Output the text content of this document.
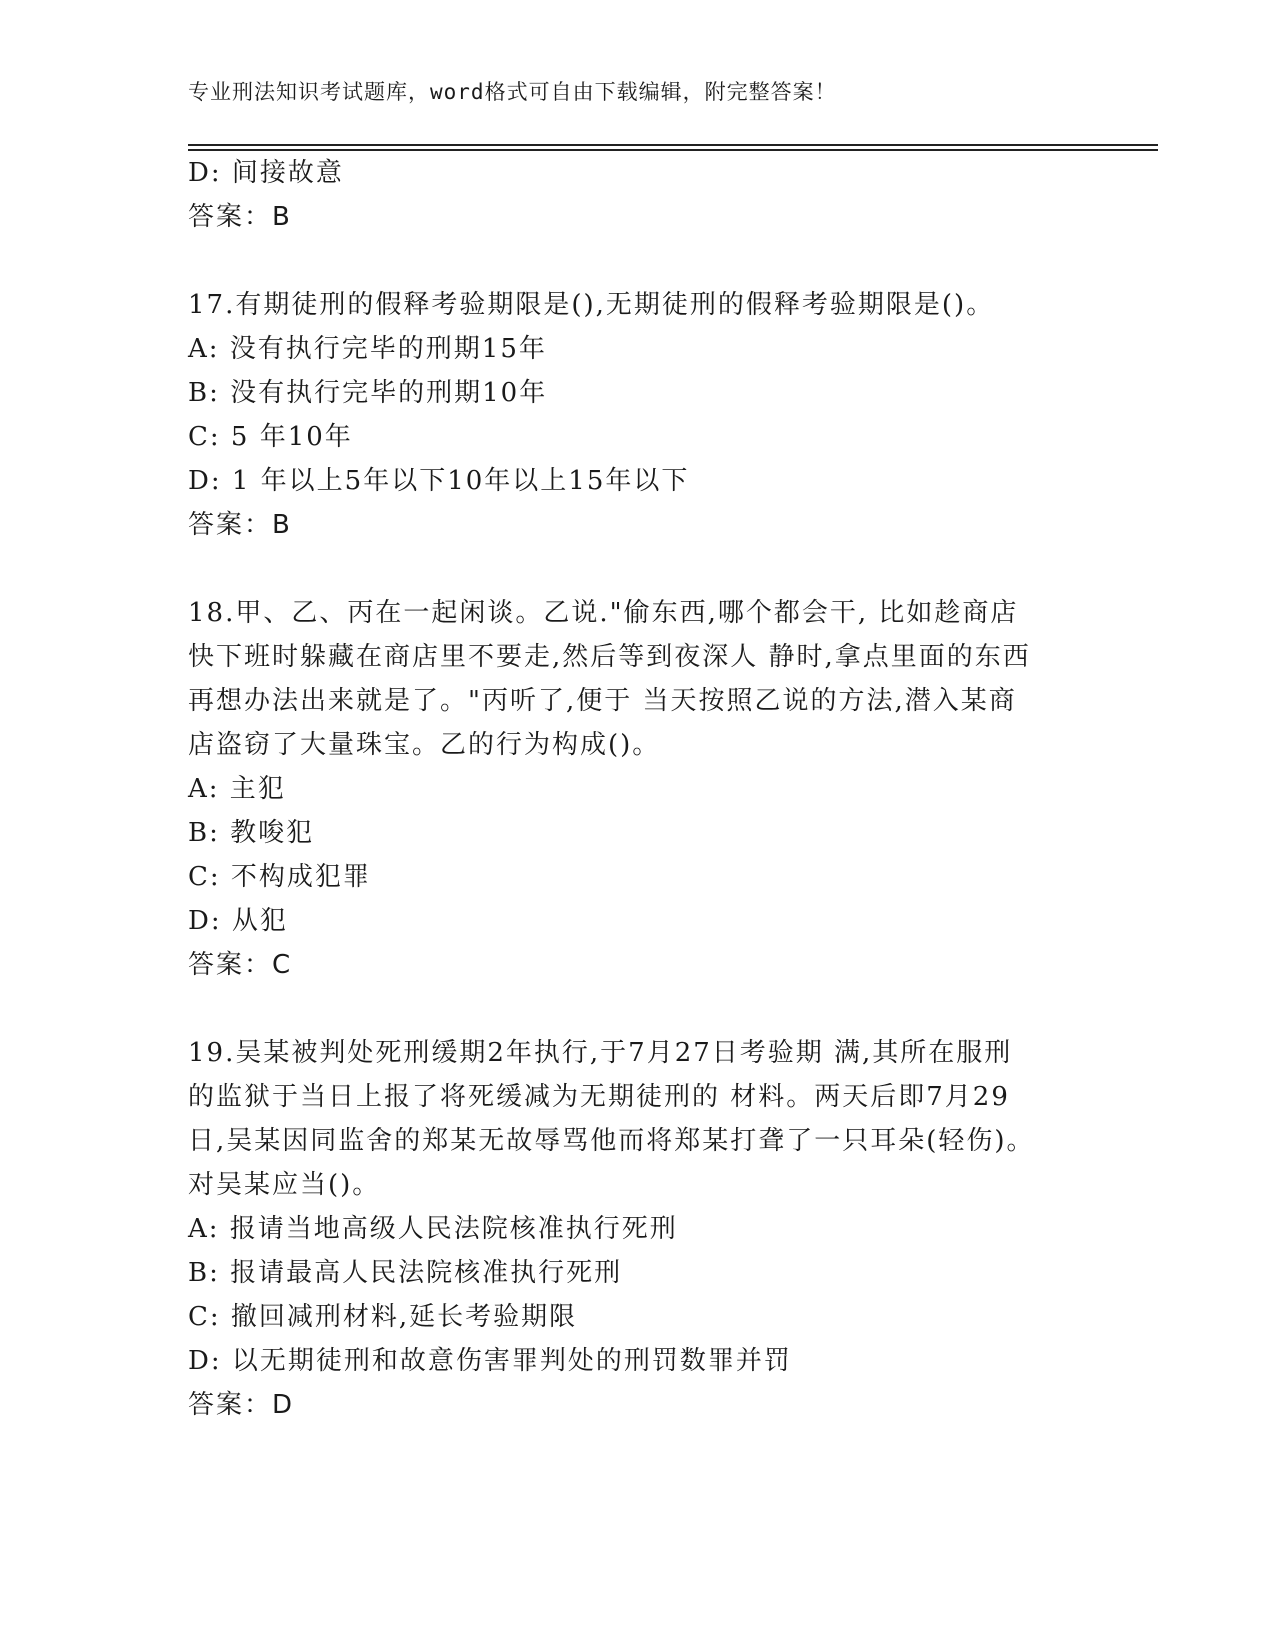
专业刑法知识考试题库，word格式可自由下载编辑，附完整答案！
D: 间接故意
答案：B
17.有期徒刑的假释考验期限是(),无期徒刑的假释考验期限是()。
A: 没有执行完毕的刑期15年
B: 没有执行完毕的刑期10年
C: 5 年10年
D: 1 年以上5年以下10年以上15年以下
答案：B
18.甲、乙、丙在一起闲谈。乙说."偷东西,哪个都会干, 比如趁商店
快下班时躲藏在商店里不要走,然后等到夜深人 静时,拿点里面的东西
再想办法出来就是了。"丙听了,便于 当天按照乙说的方法,潜入某商
店盗窃了大量珠宝。乙的行为构成()。
A: 主犯
B: 教唆犯
C: 不构成犯罪
D: 从犯
答案：C
19.吴某被判处死刑缓期2年执行,于7月27日考验期 满,其所在服刑
的监狱于当日上报了将死缓减为无期徒刑的 材料。两天后即7月29
日,吴某因同监舍的郑某无故辱骂他而将郑某打聋了一只耳朵(轻伤)。
对吴某应当()。
A: 报请当地高级人民法院核准执行死刑
B: 报请最高人民法院核准执行死刑
C: 撤回减刑材料,延长考验期限
D: 以无期徒刑和故意伤害罪判处的刑罚数罪并罚
答案：D
